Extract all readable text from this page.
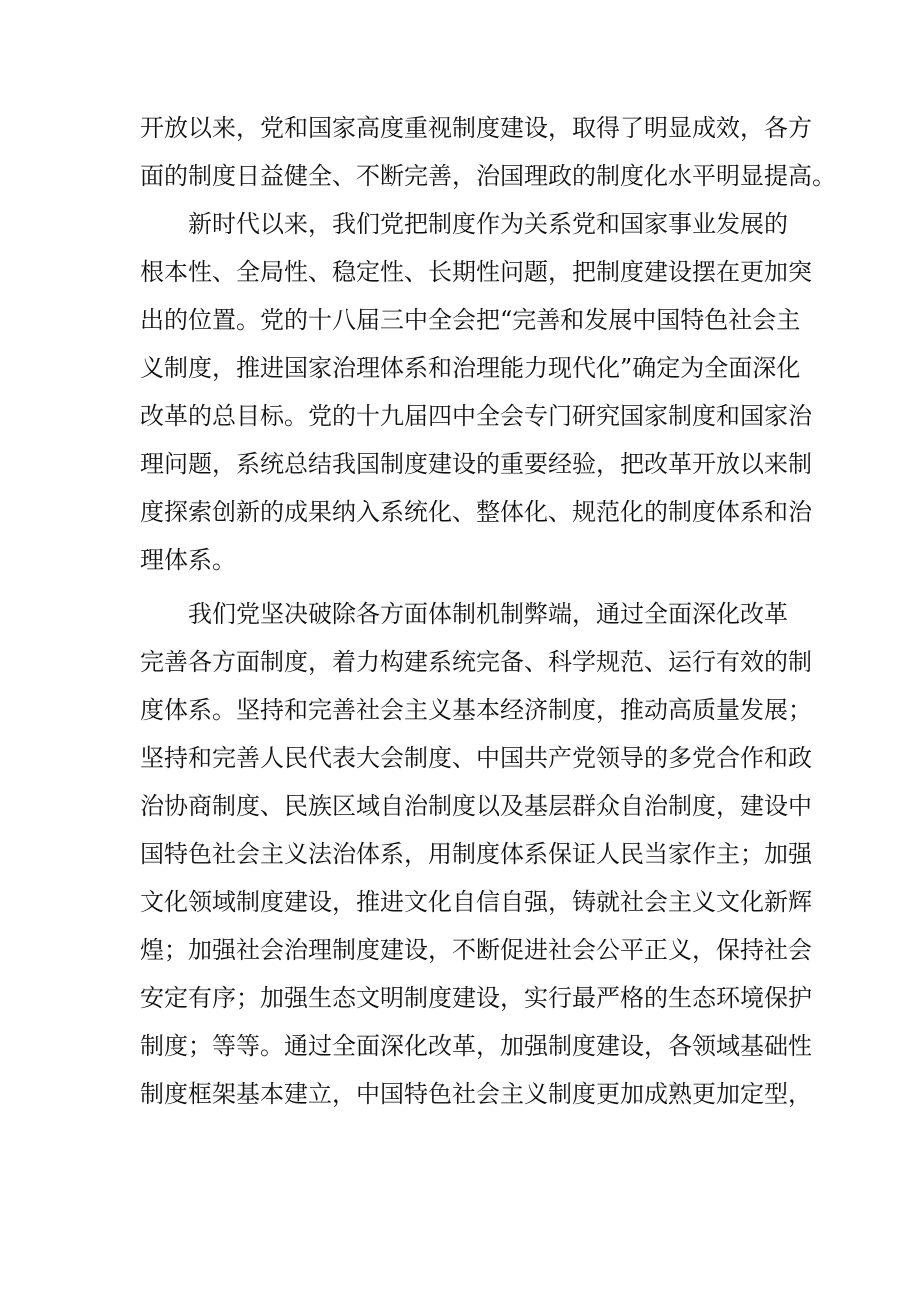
开放以来，党和国家高度重视制度建设，取得了明显成效，各方

面的制度日益健全、不断完善，治国理政的制度化水平明显提高。

新时代以来，我们党把制度作为关系党和国家事业发展的

根本性、全局性、稳定性、长期性问题，把制度建设摆在更加突

出的位置。党的十八届三中全会把“完善和发展中国特色社会主

义制度，推进国家治理体系和治理能力现代化”确定为全面深化

改革的总目标。党的十九届四中全会专门研究国家制度和国家治

理问题，系统总结我国制度建设的重要经验，把改革开放以来制

度探索创新的成果纳入系统化、整体化、规范化的制度体系和治

理体系。

我们党坚决破除各方面体制机制弊端，通过全面深化改革

完善各方面制度，着力构建系统完备、科学规范、运行有效的制

度体系。坚持和完善社会主义基本经济制度，推动高质量发展；

坚持和完善人民代表大会制度、中国共产党领导的多党合作和政

治协商制度、民族区域自治制度以及基层群众自治制度，建设中

国特色社会主义法治体系，用制度体系保证人民当家作主；加强

文化领域制度建设，推进文化自信自强，铸就社会主义文化新辉

煌；加强社会治理制度建设，不断促进社会公平正义，保持社会

安定有序；加强生态文明制度建设，实行最严格的生态环境保护

制度；等等。通过全面深化改革，加强制度建设，各领域基础性

制度框架基本建立，中国特色社会主义制度更加成熟更加定型，
